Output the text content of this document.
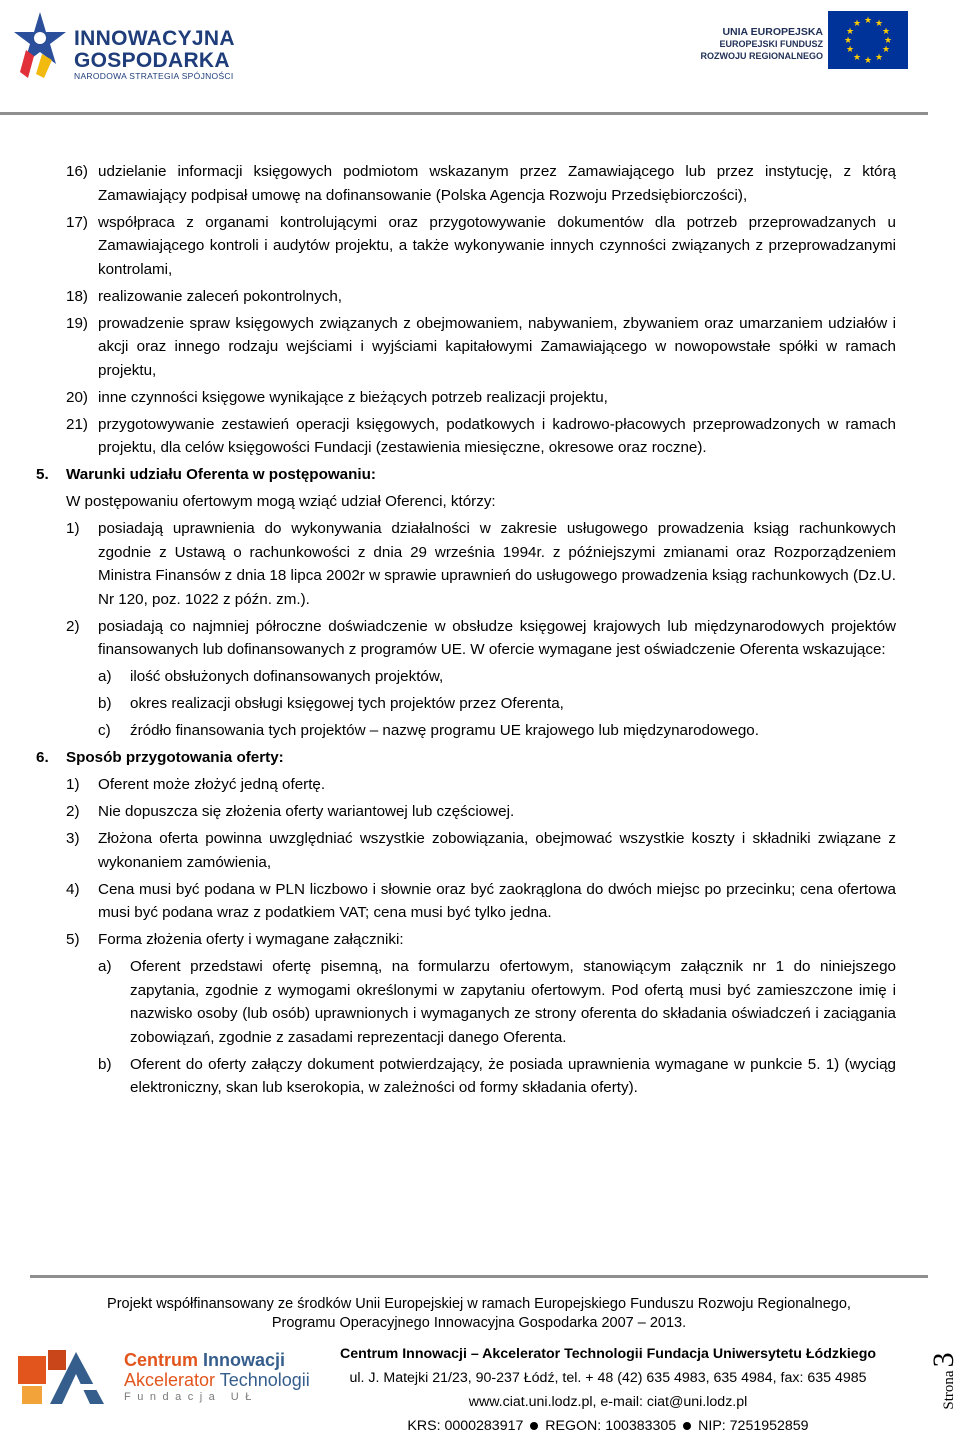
INNOWACYJNA
GOSPODARKA
NARODOWA STRATEGIA SPÓJNOŚCI
UNIA EUROPEJSKA
EUROPEJSKI FUNDUSZ
ROZWOJU REGIONALNEGO
★ ★
★
★
★
★
★
★
★
★
★
★
16) udzielanie informacji księgowych podmiotom wskazanym przez Zamawiającego lub przez instytucję, z którą Zamawiający podpisał umowę na dofinansowanie (Polska Agencja Rozwoju Przedsiębiorczości),
17) współpraca z organami kontrolującymi oraz przygotowywanie dokumentów dla potrzeb przeprowadzanych u Zamawiającego kontroli i audytów projektu, a także wykonywanie innych czynności związanych z przeprowadzanymi kontrolami,
18) realizowanie zaleceń pokontrolnych,
19) prowadzenie spraw księgowych związanych z obejmowaniem, nabywaniem, zbywaniem oraz umarzaniem udziałów i akcji oraz innego rodzaju wejściami i wyjściami kapitałowymi Zamawiającego w nowopowstałe spółki w ramach projektu,
20) inne czynności księgowe wynikające z bieżących potrzeb realizacji projektu,
21) przygotowywanie zestawień operacji księgowych, podatkowych i kadrowo-płacowych przeprowadzonych w ramach projektu, dla celów księgowości Fundacji (zestawienia miesięczne, okresowe oraz roczne).
5. Warunki udziału Oferenta w postępowaniu:
W postępowaniu ofertowym mogą wziąć udział Oferenci, którzy:
1) posiadają uprawnienia do wykonywania działalności w zakresie usługowego prowadzenia ksiąg rachunkowych zgodnie z Ustawą o rachunkowości z dnia 29 września 1994r. z późniejszymi zmianami oraz Rozporządzeniem Ministra Finansów z dnia 18 lipca 2002r w sprawie uprawnień do usługowego prowadzenia ksiąg rachunkowych (Dz.U. Nr 120, poz. 1022 z późn. zm.).
2) posiadają co najmniej półroczne doświadczenie w obsłudze księgowej krajowych lub międzynarodowych projektów finansowanych lub dofinansowanych z programów UE. W ofercie wymagane jest oświadczenie Oferenta wskazujące:
a) ilość obsłużonych dofinansowanych projektów,
b) okres realizacji obsługi księgowej tych projektów przez Oferenta,
c) źródło finansowania tych projektów – nazwę programu UE krajowego lub międzynarodowego.
6. Sposób przygotowania oferty:
1) Oferent może złożyć jedną ofertę.
2) Nie dopuszcza się złożenia oferty wariantowej lub częściowej.
3) Złożona oferta powinna uwzględniać wszystkie zobowiązania, obejmować wszystkie koszty i składniki związane z wykonaniem zamówienia,
4) Cena musi być podana w PLN liczbowo i słownie oraz być zaokrąglona do dwóch miejsc po przecinku; cena ofertowa musi być podana wraz z podatkiem VAT; cena musi być tylko jedna.
5) Forma złożenia oferty i wymagane załączniki:
a) Oferent przedstawi ofertę pisemną, na formularzu ofertowym, stanowiącym załącznik nr 1 do niniejszego zapytania, zgodnie z wymogami określonymi w zapytaniu ofertowym. Pod ofertą musi być zamieszczone imię i nazwisko osoby (lub osób) uprawnionych i wymaganych ze strony oferenta do składania oświadczeń i zaciągania zobowiązań, zgodnie z zasadami reprezentacji danego Oferenta.
b) Oferent do oferty załączy dokument potwierdzający, że posiada uprawnienia wymagane w punkcie 5. 1) (wyciąg elektroniczny, skan lub kserokopia, w zależności od formy składania oferty).
Projekt współfinansowany ze środków Unii Europejskiej w ramach Europejskiego Funduszu Rozwoju Regionalnego,
Programu Operacyjnego Innowacyjna Gospodarka 2007 – 2013.
Centrum Innowacji
Akcelerator Technologii
Fundacja UŁ
Centrum Innowacji – Akcelerator Technologii Fundacja Uniwersytetu Łódzkiego
ul. J. Matejki 21/23, 90-237 Łódź, tel. + 48 (42) 635 4983, 635 4984, fax: 635 4985
www.ciat.uni.lodz.pl, e-mail: ciat@uni.lodz.pl
KRS: 0000283917 REGON: 100383305 NIP: 7251952859
Strona3
